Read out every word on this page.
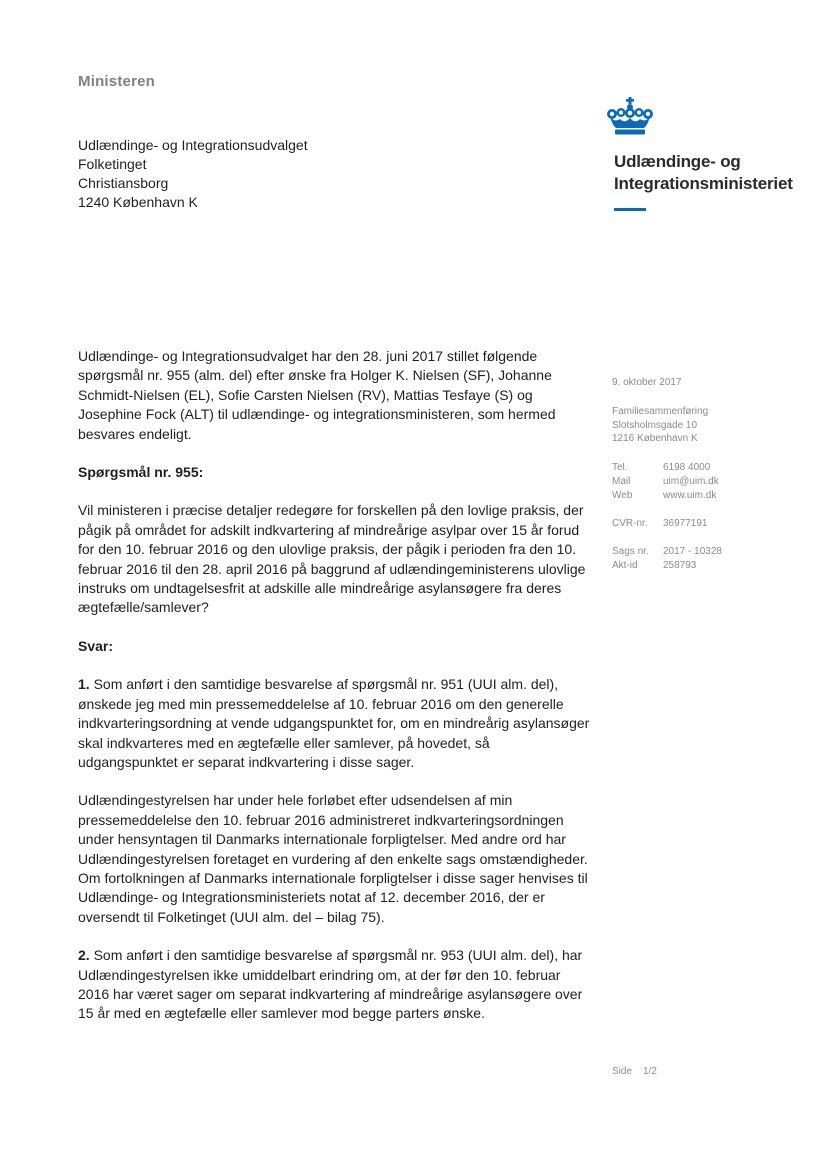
Ministeren
Udlændinge- og Integrationsudvalget
Folketinget
Christiansborg
1240 København K
Udlændinge- og
Integrationsministeriet
9. oktober 2017
Familiesammenføring
Slotsholmsgade 10
1216 København K
Tel.	6198 4000
Mail	uim@uim.dk
Web	www.uim.dk
CVR-nr. 36977191
Sags nr. 2017 - 10328
Akt-id	258793

Udlændinge- og Integrationsudvalget har den 28. juni 2017 stillet følgende spørgsmål nr. 955 (alm. del) efter ønske fra Holger K. Nielsen (SF), Johanne Schmidt-Nielsen (EL), Sofie Carsten Nielsen (RV), Mattias Tesfaye (S) og Josephine Fock (ALT) til udlændinge- og integrationsministeren, som hermed besvares endeligt.

Spørgsmål nr. 955:

Vil ministeren i præcise detaljer redegøre for forskellen på den lovlige praksis, der pågik på området for adskilt indkvartering af mindreårige asylpar over 15 år forud for den 10. februar 2016 og den ulovlige praksis, der pågik i perioden fra den 10. februar 2016 til den 28. april 2016 på baggrund af udlændingeministerens ulovlige instruks om undtagelsesfrit at adskille alle mindreårige asylansøgere fra deres ægtefælle/samlever?

Svar:

1. Som anført i den samtidige besvarelse af spørgsmål nr. 951 (UUI alm. del), ønskede jeg med min pressemeddelelse af 10. februar 2016 om den generelle indkvarteringsordning at vende udgangspunktet for, om en mindreårig asylansøger skal indkvarteres med en ægtefælle eller samlever, på hovedet, så udgangspunktet er separat indkvartering i disse sager.

Udlændingestyrelsen har under hele forløbet efter udsendelsen af min pressemeddelelse den 10. februar 2016 administreret indkvarteringsordningen under hensyntagen til Danmarks internationale forpligtelser. Med andre ord har Udlændingestyrelsen foretaget en vurdering af den enkelte sags omstændigheder. Om fortolkningen af Danmarks internationale forpligtelser i disse sager henvises til Udlændinge- og Integrationsministeriets notat af 12. december 2016, der er oversendt til Folketinget (UUI alm. del – bilag 75).

2. Som anført i den samtidige besvarelse af spørgsmål nr. 953 (UUI alm. del), har Udlændingestyrelsen ikke umiddelbart erindring om, at der før den 10. februar 2016 har været sager om separat indkvartering af mindreårige asylansøgere over 15 år med en ægtefælle eller samlever mod begge parters ønske.

Side 1/2
